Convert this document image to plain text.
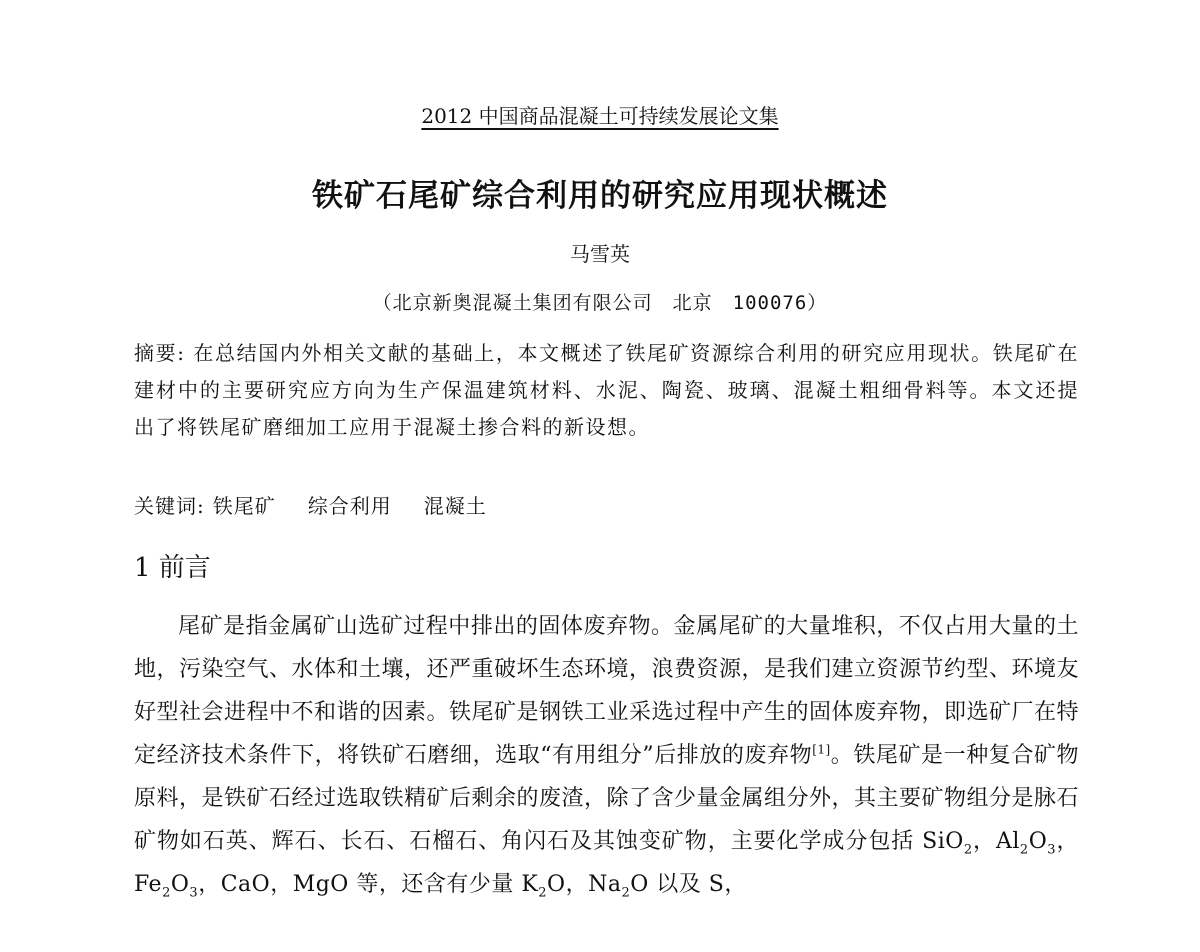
2012 中国商品混凝土可持续发展论文集
铁矿石尾矿综合利用的研究应用现状概述
马雪英
（北京新奥混凝土集团有限公司　北京　100076）
摘要: 在总结国内外相关文献的基础上，本文概述了铁尾矿资源综合利用的研究应用现状。铁尾矿在建材中的主要研究应方向为生产保温建筑材料、水泥、陶瓷、玻璃、混凝土粗细骨料等。本文还提出了将铁尾矿磨细加工应用于混凝土掺合料的新设想。
关键词: 铁尾矿 综合利用 混凝土
1 前言
尾矿是指金属矿山选矿过程中排出的固体废弃物。金属尾矿的大量堆积，不仅占用大量的土地，污染空气、水体和土壤，还严重破坏生态环境，浪费资源，是我们建立资源节约型、环境友好型社会进程中不和谐的因素。铁尾矿是钢铁工业采选过程中产生的固体废弃物，即选矿厂在特定经济技术条件下，将铁矿石磨细，选取“有用组分”后排放的废弃物[1]。铁尾矿是一种复合矿物原料，是铁矿石经过选取铁精矿后剩余的废渣，除了含少量金属组分外，其主要矿物组分是脉石矿物如石英、辉石、长石、石榴石、角闪石及其蚀变矿物，主要化学成分包括 SiO$_2$，$Al_2O_3$，$Fe_2O_3$，CaO，MgO 等，还含有少量 $K_2O$，$Na_2O$ 以及 S，
